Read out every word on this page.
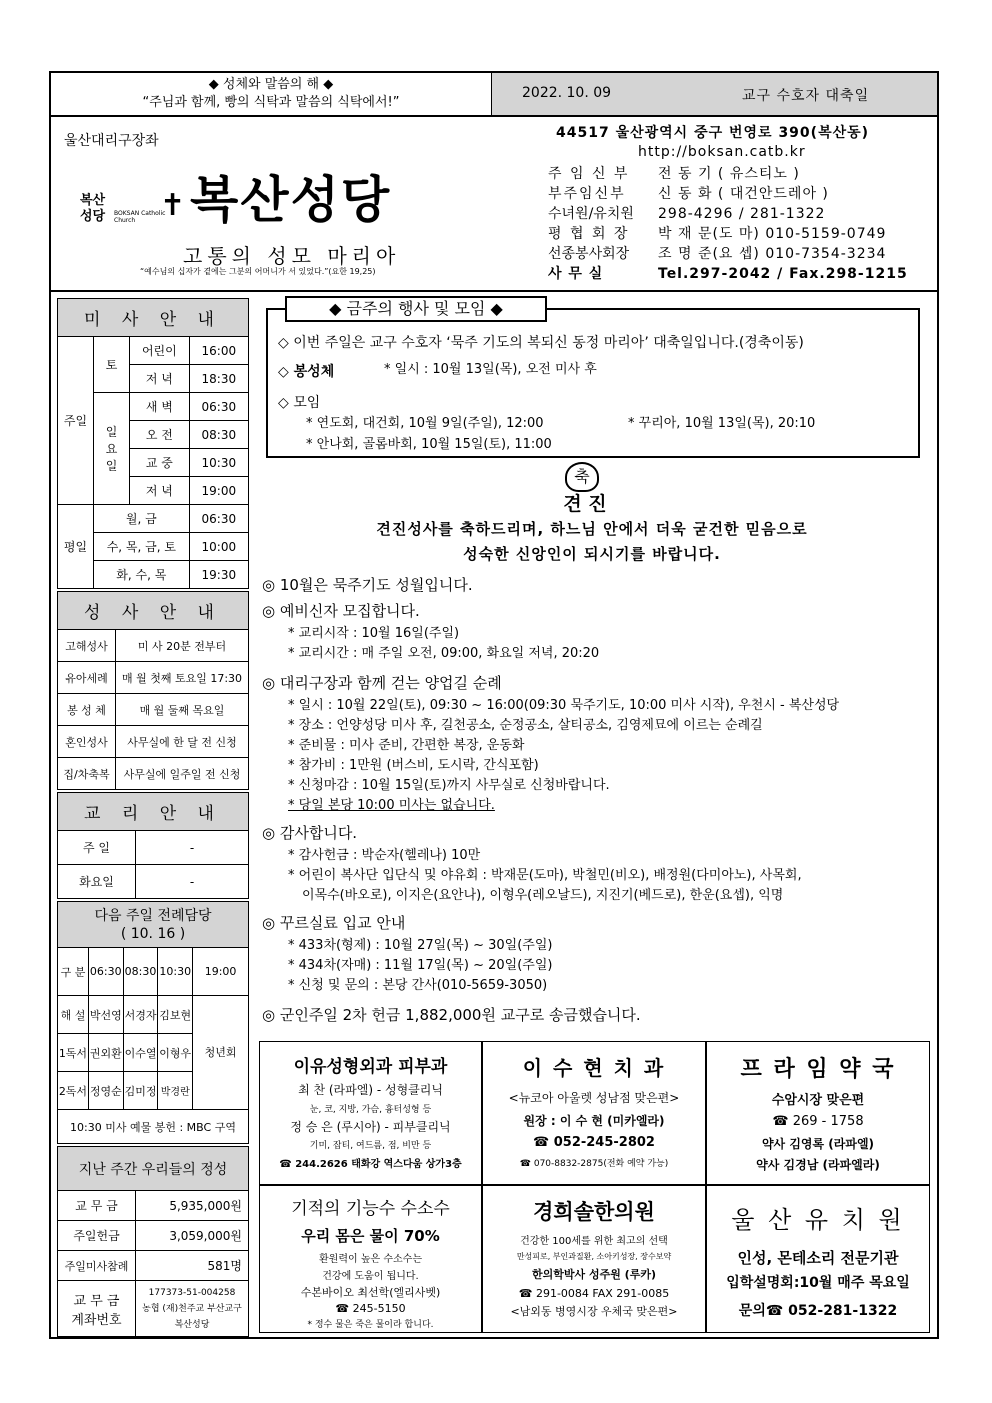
◆ 성체와 말씀의 해 ◆
“주님과 함께, 빵의 식탁과 말씀의 식탁에서!”
2022. 10. 09	교구 수호자 대축일
울산대리구장좌
복산 성당	BOKSAN Catholic Church ✝ 복산성당
고통의 성모 마리아
“예수님의 십자가 곁에는 그분의 어머니가 서 있었다.”(요한 19,25)
44517 울산광역시 중구 번영로 390(복산동)
http://boksan.catb.kr
주 임 신 부 전 동 기 ( 유스티노 )
부주임신부 신 동 화 ( 대건안드레아 )
수녀원/유치원 298-4296 / 281-1322
평 협 회 장 박 재 문(도 마) 010-5159-0749
선종봉사회장 조 명 준(요 셉) 010-7354-3234
사 무 실	Tel.297-2042 / Fax.298-1215
미 사 안 내			
주일	토	어린이	16:00
		저 녁	18:30
	일요일	새 벽	06:30
		오 전	08:30
		교 중	10:30
		저 녁	19:00
평일	월, 금		06:30
	수, 목, 금, 토		10:00
	화, 수, 목		19:30
성 사 안 내	
고해성사	미 사 20분 전부터
유아세례	매 월 첫째 토요일 17:30
봉 성 체	매 월 둘째 목요일
혼인성사	사무실에 한 달 전 신청
집/차축복	사무실에 일주일 전 신청
교 리 안 내	
주 일	-
화요일	-
다음 주일 전례담당
( 10. 16 )				

구 분	06:30	08:30	10:30	19:00
해 설	박선영	서경자	김보현	청년회
1독서	권외환	이수열	이형우	
2독서	정영순	김미정	박경란	
10:30 미사 예물 봉헌 : MBC 구역				
지난 주간 우리들의 정성	
교 무 금	5,935,000원
주일헌금	3,059,000원
주일미사참례	581명
교 무 금 계좌번호	177373-51-004258
농협 (재)천주교 부산교구
복산성당
◆ 금주의 행사 및 모임 ◆
◇ 이번 주일은 교구 수호자 ‘묵주 기도의 복되신 동정 마리아’ 대축일입니다.(경축이동)
◇ 봉성체	* 일시 : 10월 13일(목), 오전 미사 후
◇ 모임
* 연도회, 대건회, 10월 9일(주일), 12:00	* 꾸리아, 10월 13일(목), 20:10
* 안나회, 골롬바회, 10월 15일(토), 11:00
축
견 진
견진성사를 축하드리며, 하느님 안에서 더욱 굳건한 믿음으로
성숙한 신앙인이 되시기를 바랍니다.
◎ 10월은 묵주기도 성월입니다.
◎ 예비신자 모집합니다.
* 교리시작 : 10월 16일(주일)
* 교리시간 : 매 주일 오전, 09:00, 화요일 저녁, 20:20
◎ 대리구장과 함께 걷는 양업길 순례
* 일시 : 10월 22일(토), 09:30 ~ 16:00(09:30 묵주기도, 10:00 미사 시작), 우천시 - 복산성당
* 장소 : 언양성당 미사 후, 길천공소, 순정공소, 살티공소, 김영제묘에 이르는 순례길
* 준비물 : 미사 준비, 간편한 복장, 운동화
* 참가비 : 1만원 (버스비, 도시락, 간식포함)
* 신청마감 : 10월 15일(토)까지 사무실로 신청바랍니다.
* 당일 본당 10:00 미사는 없습니다.
◎ 감사합니다.
* 감사헌금 : 박순자(헬레나) 10만
* 어린이 복사단 입단식 및 야유회 : 박재문(도마), 박철민(비오), 배정원(다미아노), 사목회,
이목수(바오로), 이지은(요안나), 이형우(레오날드), 지진기(베드로), 한운(요셉), 익명
◎ 꾸르실료 입교 안내
* 433차(형제) : 10월 27일(목) ~ 30일(주일)
* 434차(자매) : 11월 17일(목) ~ 20일(주일)
* 신청 및 문의 : 본당 간사(010-5659-3050)
◎ 군인주일 2차 헌금 1,882,000원 교구로 송금했습니다.
이유성형외과 피부과
최 찬 (라파엘) - 성형클리닉
눈, 코, 지방, 가슴, 흉터성형 등
정 승 은 (루시아) - 피부클리닉
기미, 잡티, 여드름, 점, 비만 등
☎ 244.2626 태화강 역스다움 상가3층
이 수 현 치 과
<뉴코아 아울렛 성남점 맞은편>
원장 : 이 수 현 (미카엘라)
☎ 052-245-2802
☎ 070-8832-2875(전화 예약 가능)
프 라 임 약 국
수암시장 맞은편
☎ 269 - 1758
약사 김영록 (라파엘)
약사 김경남 (라파엘라)
기적의 기능수 수소수
우리 몸은 물이 70%
환원력이 높은 수소수는
건강에 도움이 됩니다.
수본바이오 최선학(엘리사벳)
☎ 245-5150
* 정수 물은 죽은 물이라 합니다.
경희솔한의원
건강한 100세를 위한 최고의 선택
만성피로, 부인과질환, 소아키성장, 장수보약
한의학박사 성주원 (루카)
☎ 291-0084 FAX 291-0085
<남외동 병영시장 우체국 맞은편>
울 산 유 치 원
인성, 몬테소리 전문기관
입학설명회:10월 매주 목요일
문의☎ 052-281-1322
